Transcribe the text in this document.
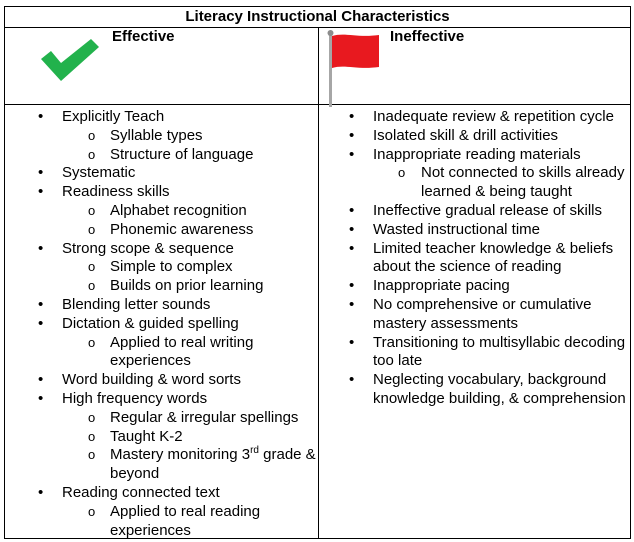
Literacy Instructional Characteristics
Effective	Ineffective
• Explicitly Teach
o Syllable types
o Structure of language
• Systematic
• Readiness skills
o Alphabet recognition
o Phonemic awareness
• Strong scope & sequence
o Simple to complex
o Builds on prior learning
• Blending letter sounds
• Dictation & guided spelling
o Applied to real writing experiences
• Word building & word sorts
• High frequency words
o Regular & irregular spellings
o Taught K-2
o Mastery monitoring 3rd grade & beyond
• Reading connected text
o Applied to real reading experiences
• Inadequate review & repetition cycle
• Isolated skill & drill activities
• Inappropriate reading materials
o Not connected to skills already learned & being taught
• Ineffective gradual release of skills
• Wasted instructional time
• Limited teacher knowledge & beliefs about the science of reading
• Inappropriate pacing
• No comprehensive or cumulative mastery assessments
• Transitioning to multisyllabic decoding too late
• Neglecting vocabulary, background knowledge building, & comprehension
